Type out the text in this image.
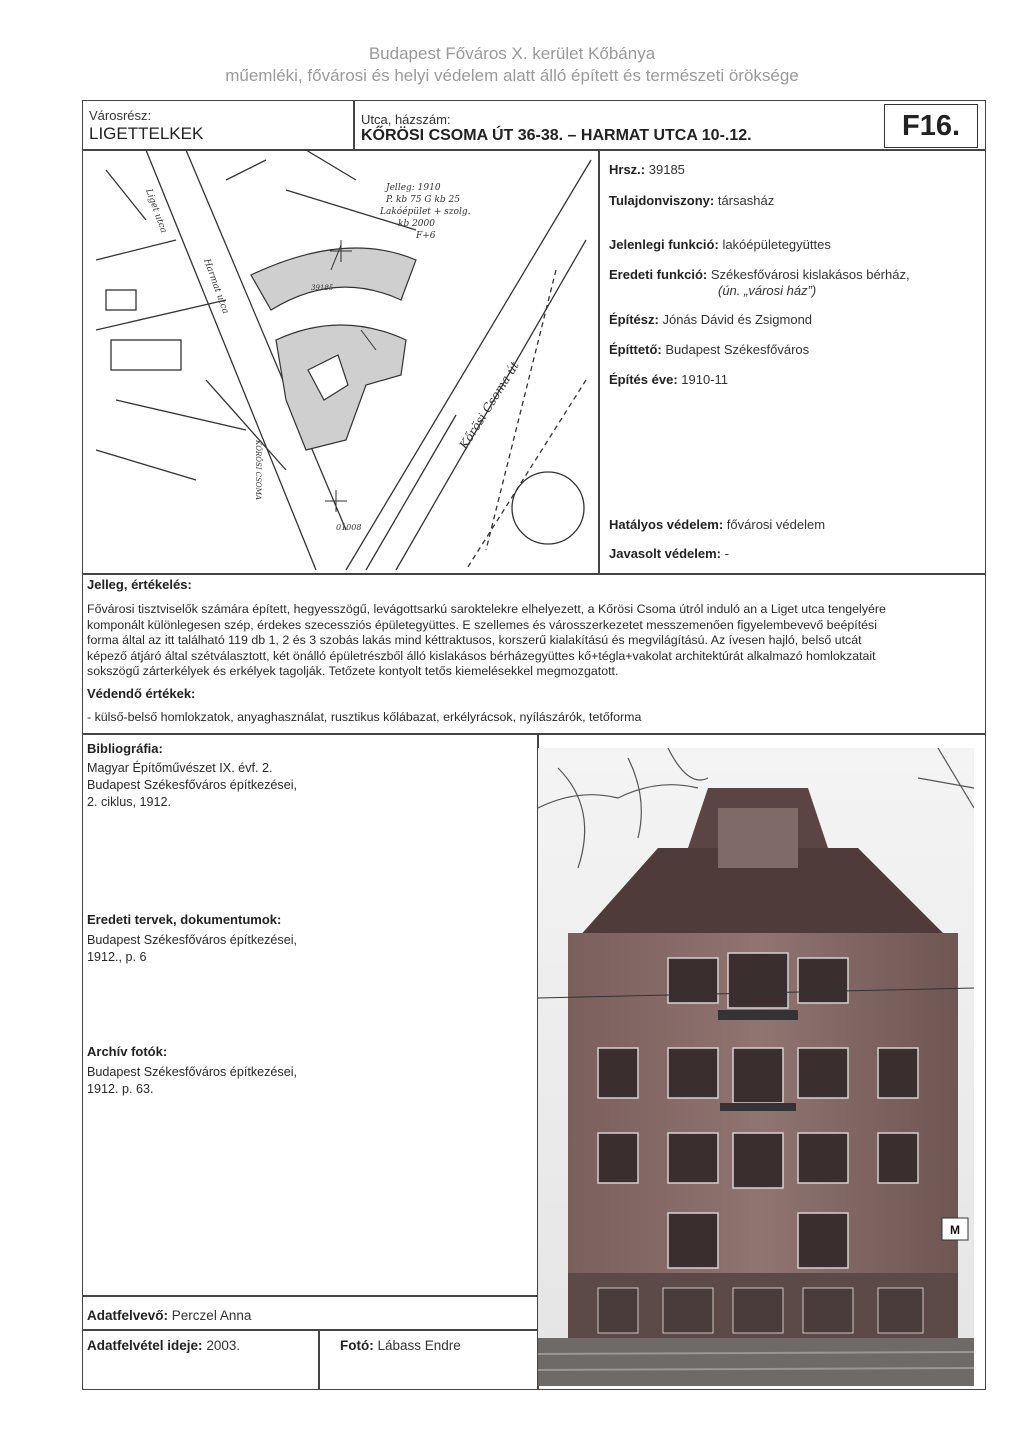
Budapest Főváros X. kerület Kőbánya
műemléki, fővárosi és helyi védelem alatt álló épített és természeti öröksége
Városrész:
LIGETTELKEK
Utca, házszám:
KŐRÖSI CSOMA ÚT 36-38. – HARMAT UTCA 10-.12.	F16.
Jelleg: 1910
P. kb 75 G kb 25
Lakóépület + szolg.
kb 2000
F+6
Kőrösi Csoma út
Harmat utca
Liget utca
39185
01008
KŐRÖSI CSOMA
Hrsz.: 39185
Tulajdonviszony: társasház
Jelenlegi funkció: lakóépületegyüttes
Eredeti funkció: Székesfővárosi kislakásos bérház,
(ún. „városi ház”)
Építész: Jónás Dávid és Zsigmond
Építtető: Budapest Székesfőváros
Építés éve: 1910-11
Hatályos védelem: fővárosi védelem
Javasolt védelem: -
Jelleg, értékelés:
Fővárosi tisztviselők számára épített, hegyesszögű, levágottsarkú saroktelekre elhelyezett, a Kőrösi Csoma útról induló an a Liget utca tengelyére
komponált különlegesen szép, érdekes szecessziós épületegyüttes. E szellemes és városszerkezetet messzemenően figyelembevevő beépítési
forma által az itt található 119 db 1, 2 és 3 szobás lakás mind kéttraktusos, korszerű kialakítású és megvilágítású. Az ívesen hajló, belső utcát
képező átjáró által szétválasztott, két önálló épületrészből álló kislakásos bérházegyüttes kő+tégla+vakolat architektúrát alkalmazó homlokzatait
sokszögű zárterkélyek és erkélyek tagolják. Tetőzete kontyolt tetős kiemelésekkel megmozgatott.
Védendő értékek:
- külső-belső homlokzatok, anyaghasználat, rusztikus kőlábazat, erkélyrácsok, nyílászárók, tetőforma
Bibliográfia:
Magyar Építőművészet IX. évf. 2.
Budapest Székesfőváros építkezései,
2. ciklus, 1912.
Eredeti tervek, dokumentumok:
Budapest Székesfőváros építkezései,
1912., p. 6
Archív fotók:
Budapest Székesfőváros építkezései,
1912. p. 63.
Adatfelvevő: Perczel Anna
Adatfelvétel ideje: 2003.	Fotó: Lábass Endre
M
